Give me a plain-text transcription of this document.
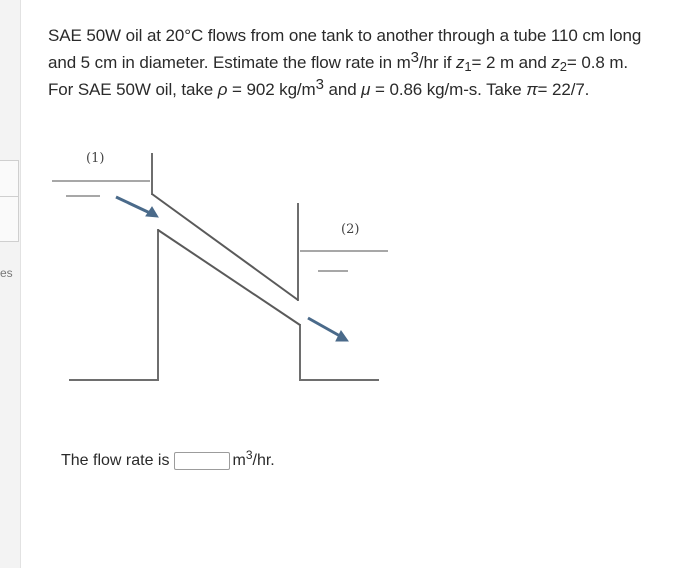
es
SAE 50W oil at 20°C flows from one tank to another through a tube 110 cm long
and 5 cm in diameter. Estimate the flow rate in $m^3/hr$ if $z_1= 2$ m and $z_2= 0.8$ m.
For SAE 50W oil, take ρ = 902 $kg/m^3$ and μ = 0.86 kg/m-s. Take π= 22/7.
(1)
(2)
The flow rate is	$m^3/hr$.
